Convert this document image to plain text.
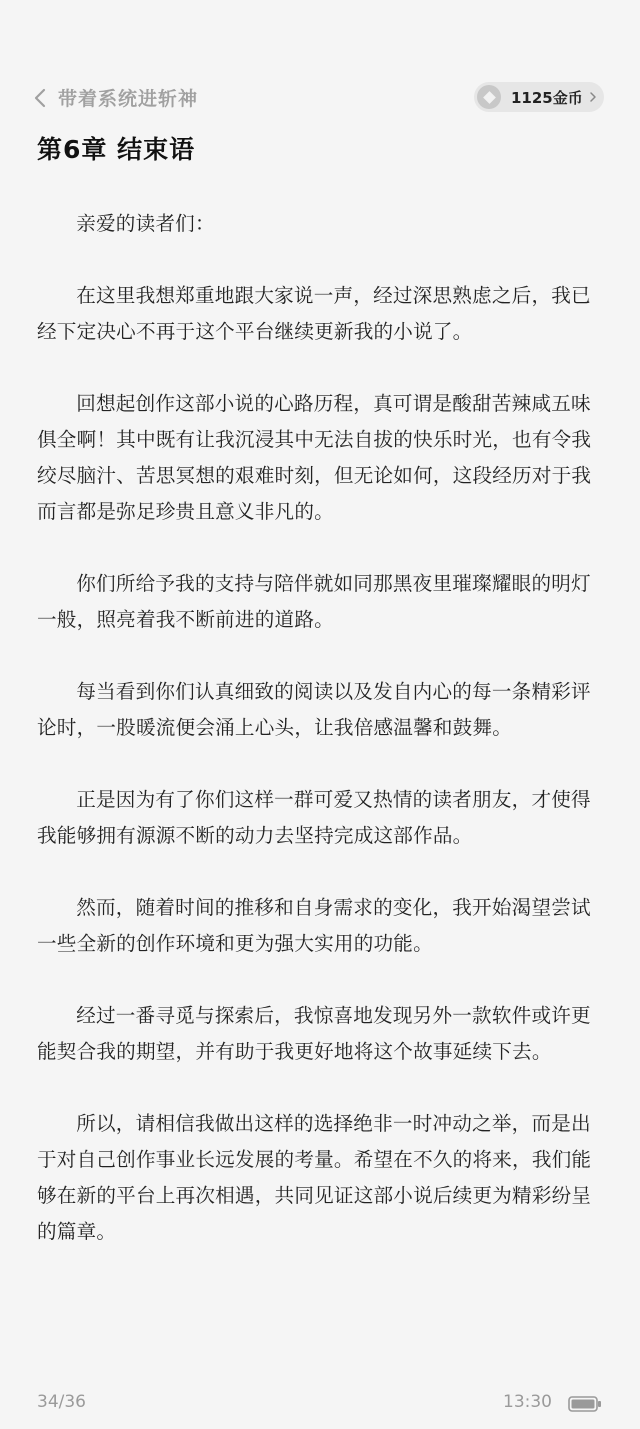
带着系统进斩神	1125金币
第6章 结束语

亲爱的读者们：

在这里我想郑重地跟大家说一声，经过深思熟虑之后，我已经下定决心不再于这个平台继续更新我的小说了。

回想起创作这部小说的心路历程，真可谓是酸甜苦辣咸五味俱全啊！其中既有让我沉浸其中无法自拔的快乐时光，也有令我绞尽脑汁、苦思冥想的艰难时刻，但无论如何，这段经历对于我而言都是弥足珍贵且意义非凡的。

你们所给予我的支持与陪伴就如同那黑夜里璀璨耀眼的明灯一般，照亮着我不断前进的道路。

每当看到你们认真细致的阅读以及发自内心的每一条精彩评论时，一股暖流便会涌上心头，让我倍感温馨和鼓舞。

正是因为有了你们这样一群可爱又热情的读者朋友，才使得我能够拥有源源不断的动力去坚持完成这部作品。

然而，随着时间的推移和自身需求的变化，我开始渴望尝试一些全新的创作环境和更为强大实用的功能。

经过一番寻觅与探索后，我惊喜地发现另外一款软件或许更能契合我的期望，并有助于我更好地将这个故事延续下去。

所以，请相信我做出这样的选择绝非一时冲动之举，而是出于对自己创作事业长远发展的考量。希望在不久的将来，我们能够在新的平台上再次相遇，共同见证这部小说后续更为精彩纷呈的篇章。

34/36	13:30
